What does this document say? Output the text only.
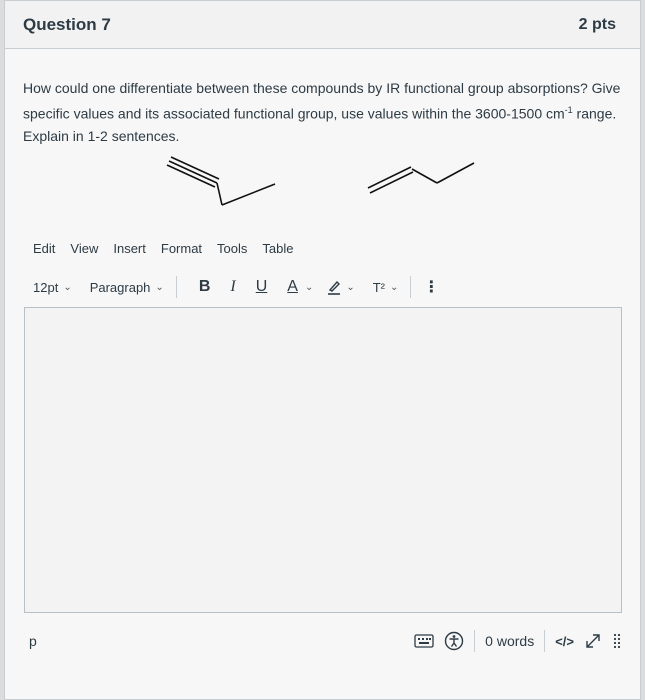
Question 7	2 pts
How could one differentiate between these compounds by IR functional group absorptions? Give specific values and its associated functional group, use values within the 3600-1500 $cm^{-1}$ range. Explain in 1-2 sentences.
Edit View Insert Format Tools Table
12pt ⌄ Paragraph ⌄ B I U A ⌄	⌄ T² ⌄ ⋮
p	0 words </>
